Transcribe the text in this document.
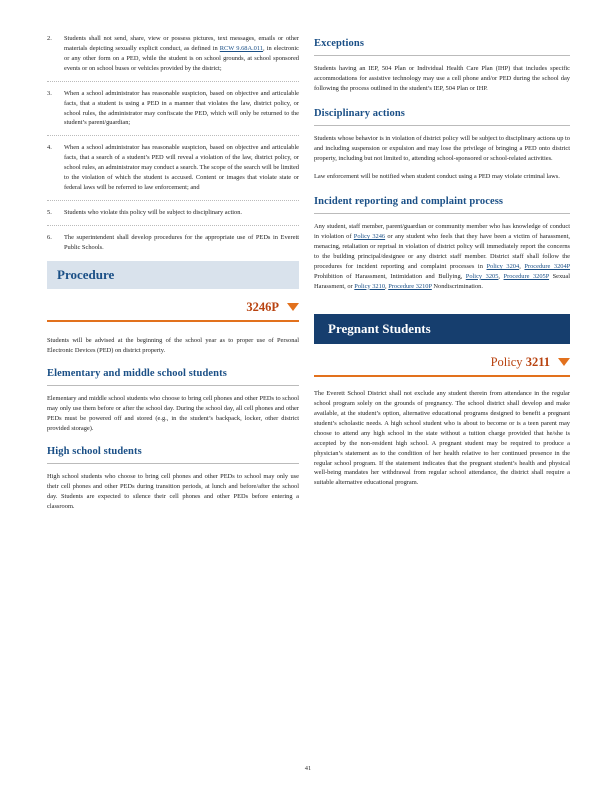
2. Students shall not send, share, view or possess pictures, text messages, emails or other materials depicting sexually explicit conduct, as defined in RCW 9.68A.011, in electronic or any other form on a PED, while the student is on school grounds, at school sponsored events or on school buses or vehicles provided by the district;
3. When a school administrator has reasonable suspicion, based on objective and articulable facts, that a student is using a PED in a manner that violates the law, district policy, or school rules, the administrator may confiscate the PED, which will only be returned to the student’s parent/guardian;
4. When a school administrator has reasonable suspicion, based on objective and articulable facts, that a search of a student’s PED will reveal a violation of the law, district policy, or school rules, an administrator may conduct a search. The scope of the search will be limited to the violation of which the student is accused. Content or images that violate state or federal laws will be referred to law enforcement; and
5. Students who violate this policy will be subject to disciplinary action.
6. The superintendent shall develop procedures for the appropriate use of PEDs in Everett Public Schools.
Procedure
3246P

Students will be advised at the beginning of the school year as to proper use of Personal Electronic Devices (PED) on district property.

Elementary and middle school students

Elementary and middle school students who choose to bring cell phones and other PEDs to school may only use them before or after the school day. During the school day, all cell phones and other PEDs must be powered off and stored (e.g., in the student’s backpack, locker, other district provided storage).

High school students

High school students who choose to bring cell phones and other PEDs to school may only use their cell phones and other PEDs during transition periods, at lunch and before/after the school day. Students are expected to silence their cell phones and other PEDs before entering a classroom.

Exceptions

Students having an IEP, 504 Plan or Individual Health Care Plan (IHP) that includes specific accommodations for assistive technology may use a cell phone and/or PED during the school day following the process outlined in the student’s IEP, 504 Plan or IHP.

Disciplinary actions

Students whose behavior is in violation of district policy will be subject to disciplinary actions up to and including suspension or expulsion and may lose the privilege of bringing a PED onto district property, including but not limited to, attending school-sponsored or school-related activities.

Law enforcement will be notified when student conduct using a PED may violate criminal laws.

Incident reporting and complaint process

Any student, staff member, parent/guardian or community member who has knowledge of conduct in violation of Policy 3246 or any student who feels that they have been a victim of harassment, menacing, retaliation or reprisal in violation of district policy will immediately report the concerns to the building principal/designee or any district staff member. District staff shall follow the procedures for incident reporting and complaint processes in Policy 3204, Procedure 3204P Prohibition of Harassment, Intimidation and Bullying, Policy 3205, Procedure 3205P Sexual Harassment, or Policy 3210, Procedure 3210P Nondiscrimination.

Pregnant Students
Policy 3211

The Everett School District shall not exclude any student therein from attendance in the regular school program solely on the grounds of pregnancy. The school district shall develop and make available, at the student’s option, alternative educational programs designed to benefit a pregnant student’s scholastic needs. A high school student who is about to become or is a teen parent may choose to attend any high school in the state without a tuition charge provided that he/she is accepted by the non-resident high school. A pregnant student may be required to produce a physician’s statement as to the condition of her health relative to her continued presence in the regular school program. If the statement indicates that the pregnant student’s health and physical well-being mandates her withdrawal from regular school attendance, the district shall require a suitable alternative educational program.

41
